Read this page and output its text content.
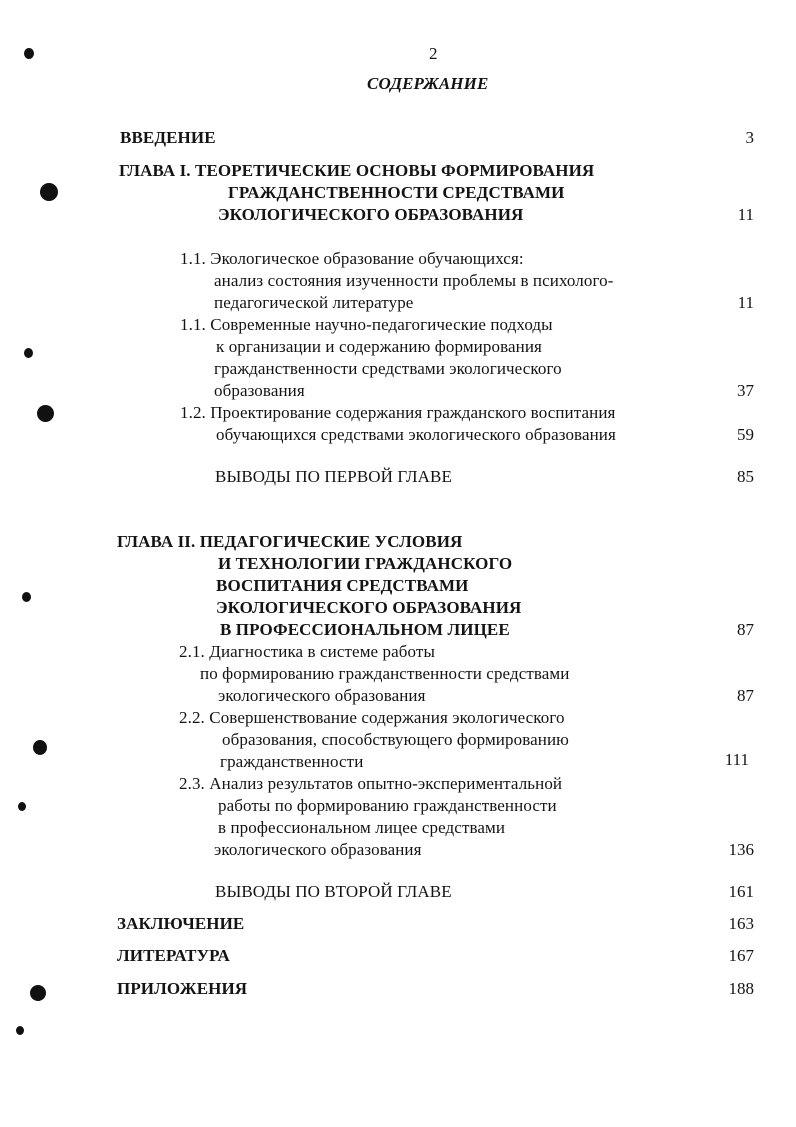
2
СОДЕРЖАНИЕ
ВВЕДЕНИЕ	3
ГЛАВА I. ТЕОРЕТИЧЕСКИЕ ОСНОВЫ ФОРМИРОВАНИЯ
ГРАЖДАНСТВЕННОСТИ СРЕДСТВАМИ
ЭКОЛОГИЧЕСКОГО ОБРАЗОВАНИЯ	11
1.1. Экологическое образование обучающихся:
анализ состояния изученности проблемы в психолого-
педагогической литературе	11
1.1. Современные научно-педагогические подходы
к организации и содержанию формирования
гражданственности средствами экологического
образования	37
1.2. Проектирование содержания гражданского воспитания
обучающихся средствами экологического образования	59
ВЫВОДЫ ПО ПЕРВОЙ ГЛАВЕ	85
ГЛАВА II. ПЕДАГОГИЧЕСКИЕ УСЛОВИЯ
И ТЕХНОЛОГИИ ГРАЖДАНСКОГО
ВОСПИТАНИЯ СРЕДСТВАМИ
ЭКОЛОГИЧЕСКОГО ОБРАЗОВАНИЯ
В ПРОФЕССИОНАЛЬНОМ ЛИЦЕЕ	87
2.1. Диагностика в системе работы
по формированию гражданственности средствами
экологического образования	87
2.2. Совершенствование содержания экологического
образования, способствующего формированию
гражданственности	111
2.3. Анализ результатов опытно-экспериментальной
работы по формированию гражданственности
в профессиональном лицее средствами
экологического образования	136
ВЫВОДЫ ПО ВТОРОЙ ГЛАВЕ	161
ЗАКЛЮЧЕНИЕ	163
ЛИТЕРАТУРА	167
ПРИЛОЖЕНИЯ	188
